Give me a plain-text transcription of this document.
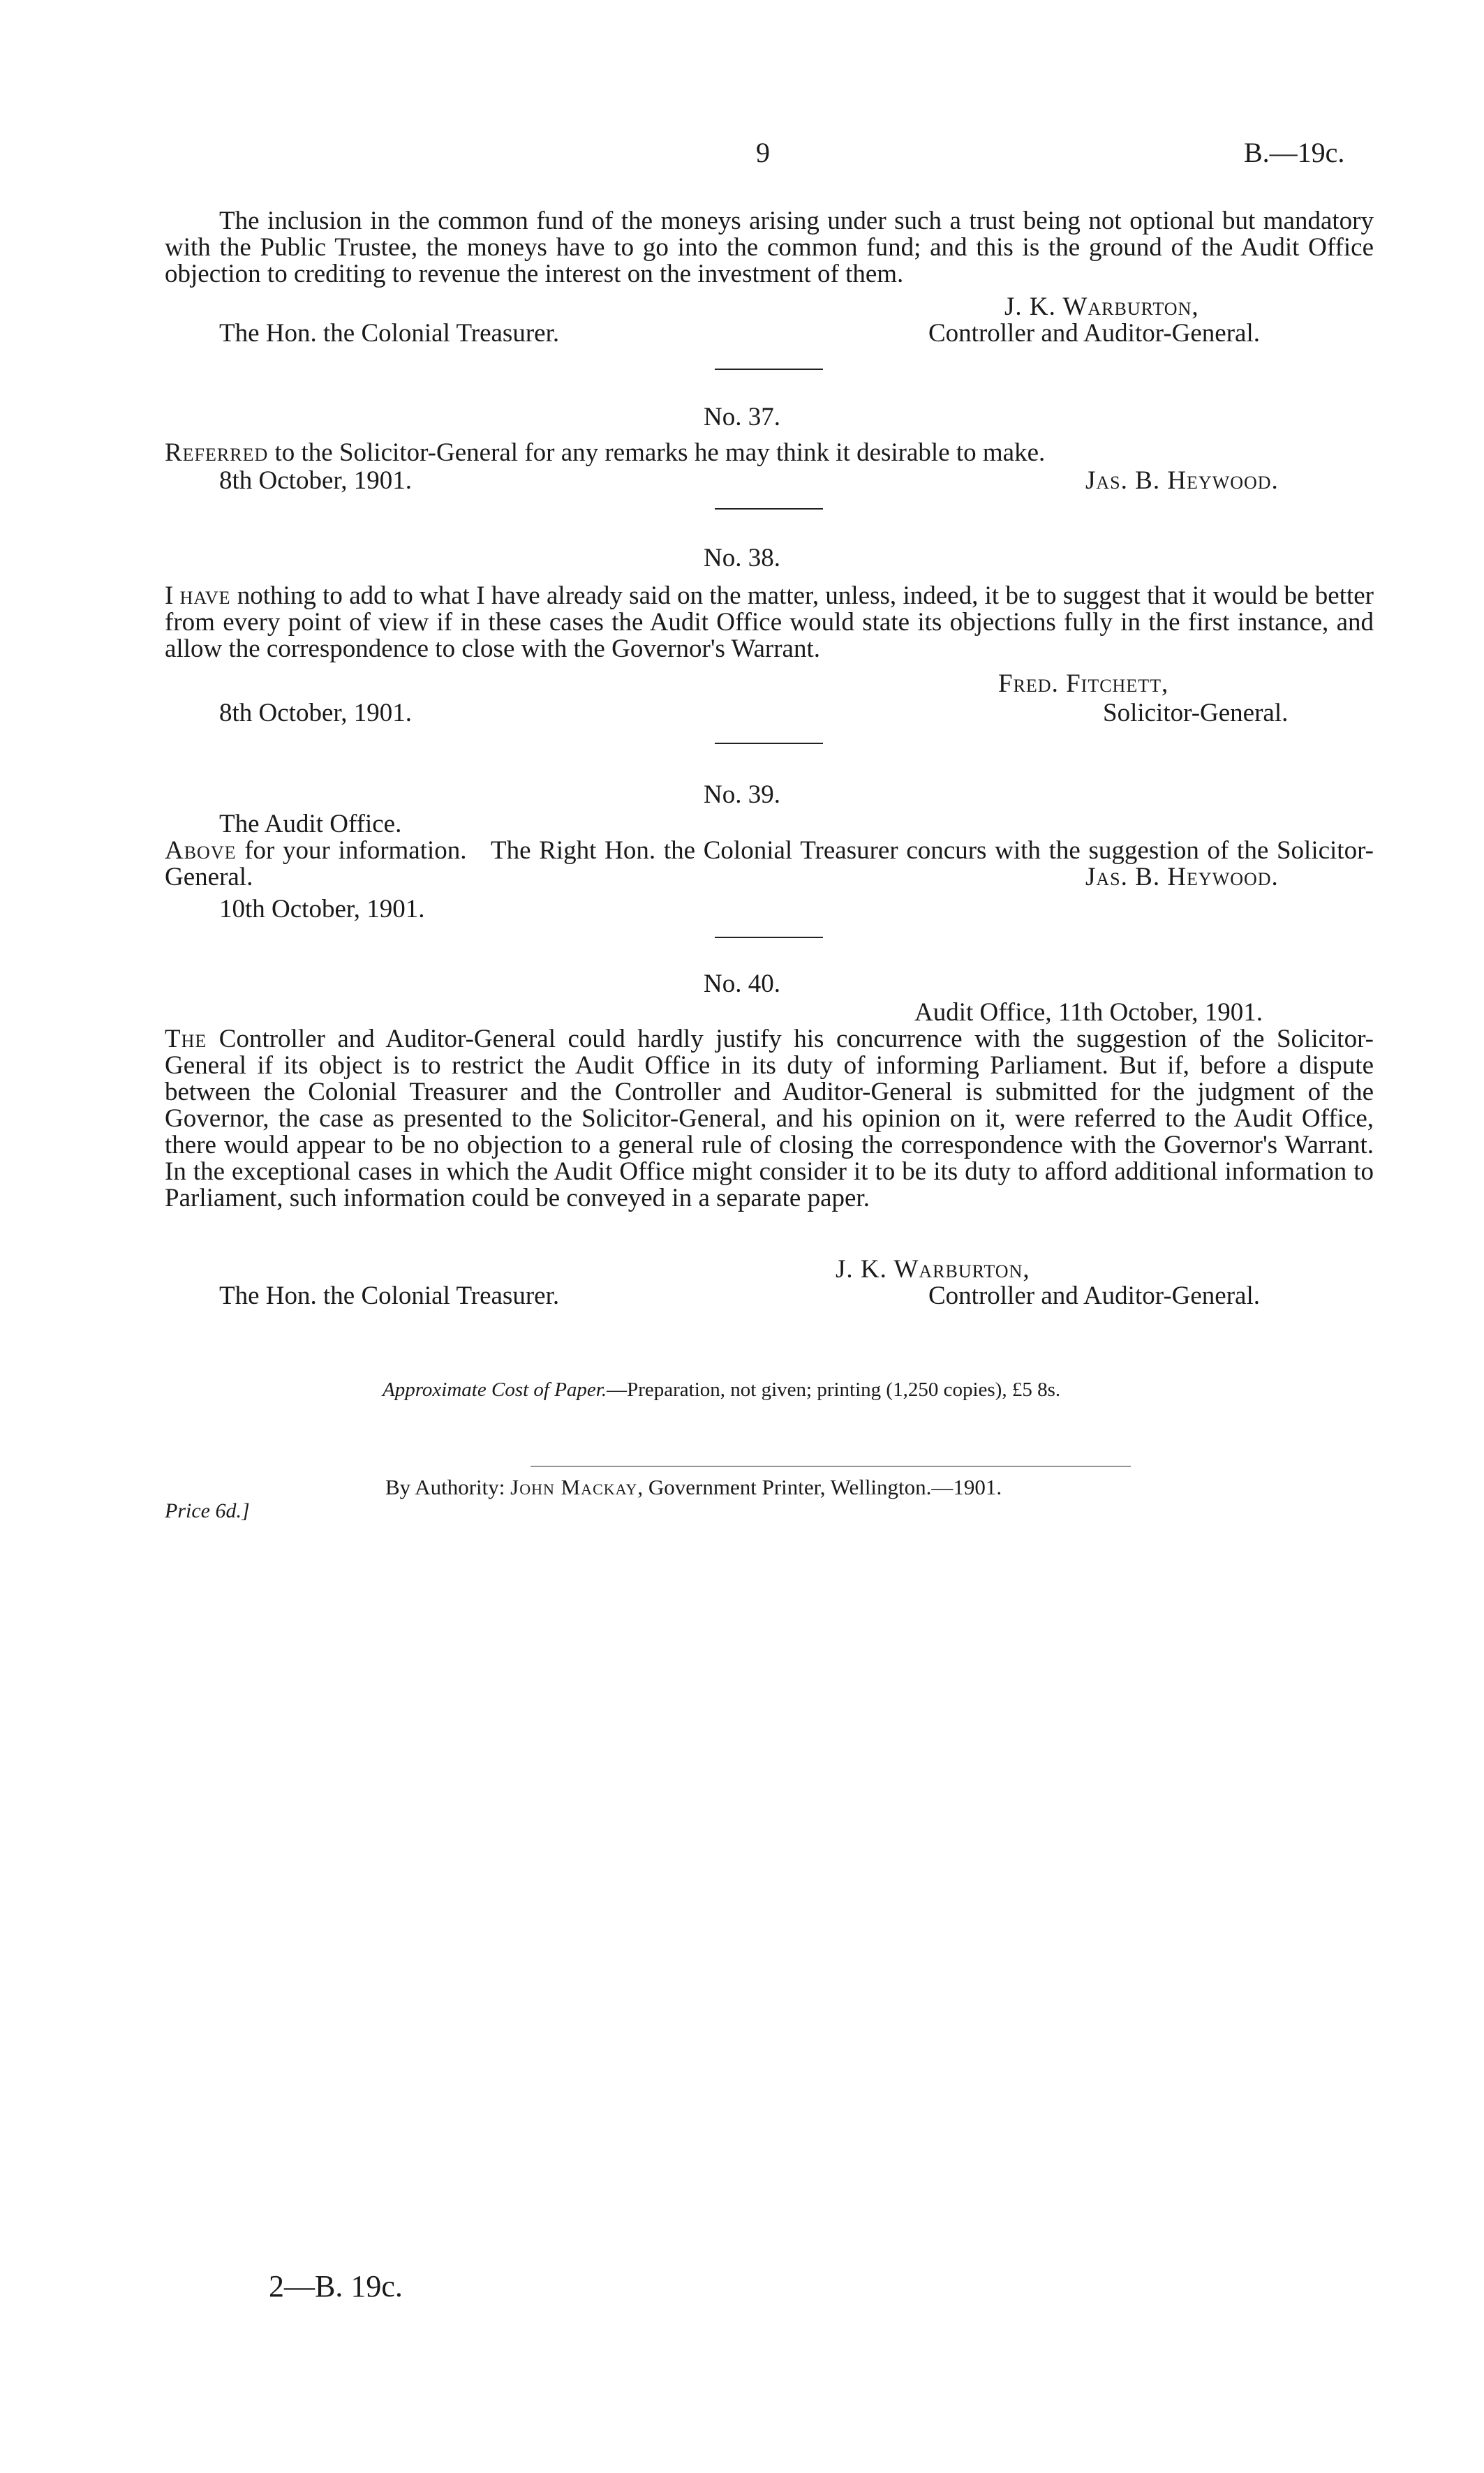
9	B.—19c.
The inclusion in the common fund of the moneys arising under such a trust being not optional but mandatory with the Public Trustee, the moneys have to go into the common fund; and this is the ground of the Audit Office objection to crediting to revenue the interest on the investment of them.
The Hon. the Colonial Treasurer.
J. K. Warburton,
Controller and Auditor-General.
No. 37.
Referred to the Solicitor-General for any remarks he may think it desirable to make.
8th October, 1901.	Jas. B. Heywood.
No. 38.
I have nothing to add to what I have already said on the matter, unless, indeed, it be to suggest that it would be better from every point of view if in these cases the Audit Office would state its objections fully in the first instance, and allow the correspondence to close with the Governor's Warrant.
Fred. Fitchett,
8th October, 1901.	Solicitor-General.
No. 39.
The Audit Office.
Above for your information.   The Right Hon. the Colonial Treasurer concurs with the suggestion of the Solicitor-General.	Jas. B. Heywood.
10th October, 1901.
No. 40.
Audit Office, 11th October, 1901.
The Controller and Auditor-General could hardly justify his concurrence with the suggestion of the Solicitor-General if its object is to restrict the Audit Office in its duty of informing Parliament. But if, before a dispute between the Colonial Treasurer and the Controller and Auditor-General is submitted for the judgment of the Governor, the case as presented to the Solicitor-General, and his opinion on it, were referred to the Audit Office, there would appear to be no objection to a general rule of closing the correspondence with the Governor's Warrant. In the exceptional cases in which the Audit Office might consider it to be its duty to afford additional information to Parliament, such information could be conveyed in a separate paper.
J. K. Warburton,
The Hon. the Colonial Treasurer.	Controller and Auditor-General.
Approximate Cost of Paper.—Preparation, not given; printing (1,250 copies), £5 8s.
By Authority: John Mackay, Government Printer, Wellington.—1901.
Price 6d.]
2—B. 19c.
